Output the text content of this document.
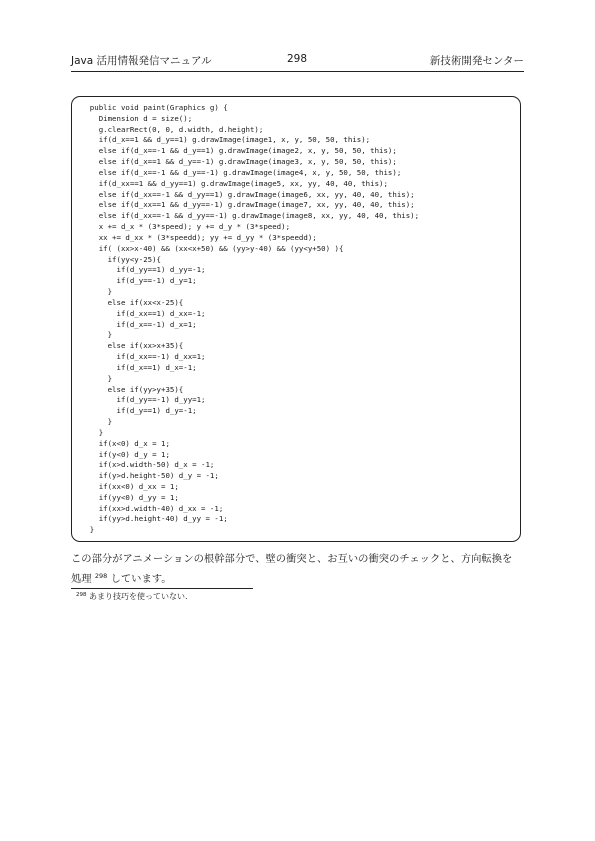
Java 活用情報発信マニュアル	298	新技術開発センター
public void paint(Graphics g) {
Dimension d = size();
g.clearRect(0, 0, d.width, d.height);
if(d_x==1 && d_y==1) g.drawImage(image1, x, y, 50, 50, this);
else if(d_x==-1 && d_y==1) g.drawImage(image2, x, y, 50, 50, this);
else if(d_x==1 && d_y==-1) g.drawImage(image3, x, y, 50, 50, this);
else if(d_x==-1 && d_y==-1) g.drawImage(image4, x, y, 50, 50, this);
if(d_xx==1 && d_yy==1) g.drawImage(image5, xx, yy, 40, 40, this);
else if(d_xx==-1 && d_yy==1) g.drawImage(image6, xx, yy, 40, 40, this);
else if(d_xx==1 && d_yy==-1) g.drawImage(image7, xx, yy, 40, 40, this);
else if(d_xx==-1 && d_yy==-1) g.drawImage(image8, xx, yy, 40, 40, this);
x += d_x * (3*speed); y += d_y * (3*speed);
xx += d_xx * (3*speedd); yy += d_yy * (3*speedd);
if( (xx>x-40) && (xx<x+50) && (yy>y-40) && (yy<y+50) ){
if(yy<y-25){
if(d_yy==1) d_yy=-1;
if(d_y==-1) d_y=1;
}
else if(xx<x-25){
if(d_xx==1) d_xx=-1;
if(d_x==-1) d_x=1;
}
else if(xx>x+35){
if(d_xx==-1) d_xx=1;
if(d_x==1) d_x=-1;
}
else if(yy>y+35){
if(d_yy==-1) d_yy=1;
if(d_y==1) d_y=-1;
}
}
if(x<0) d_x = 1;
if(y<0) d_y = 1;
if(x>d.width-50) d_x = -1;
if(y>d.height-50) d_y = -1;
if(xx<0) d_xx = 1;
if(yy<0) d_yy = 1;
if(xx>d.width-40) d_xx = -1;
if(yy>d.height-40) d_yy = -1;
}

この部分がアニメーションの根幹部分で、壁の衝突と、お互いの衝突のチェックと、方向転換を
処理 $^{298}$ しています。

$^{298}$ あまり技巧を使っていない.
